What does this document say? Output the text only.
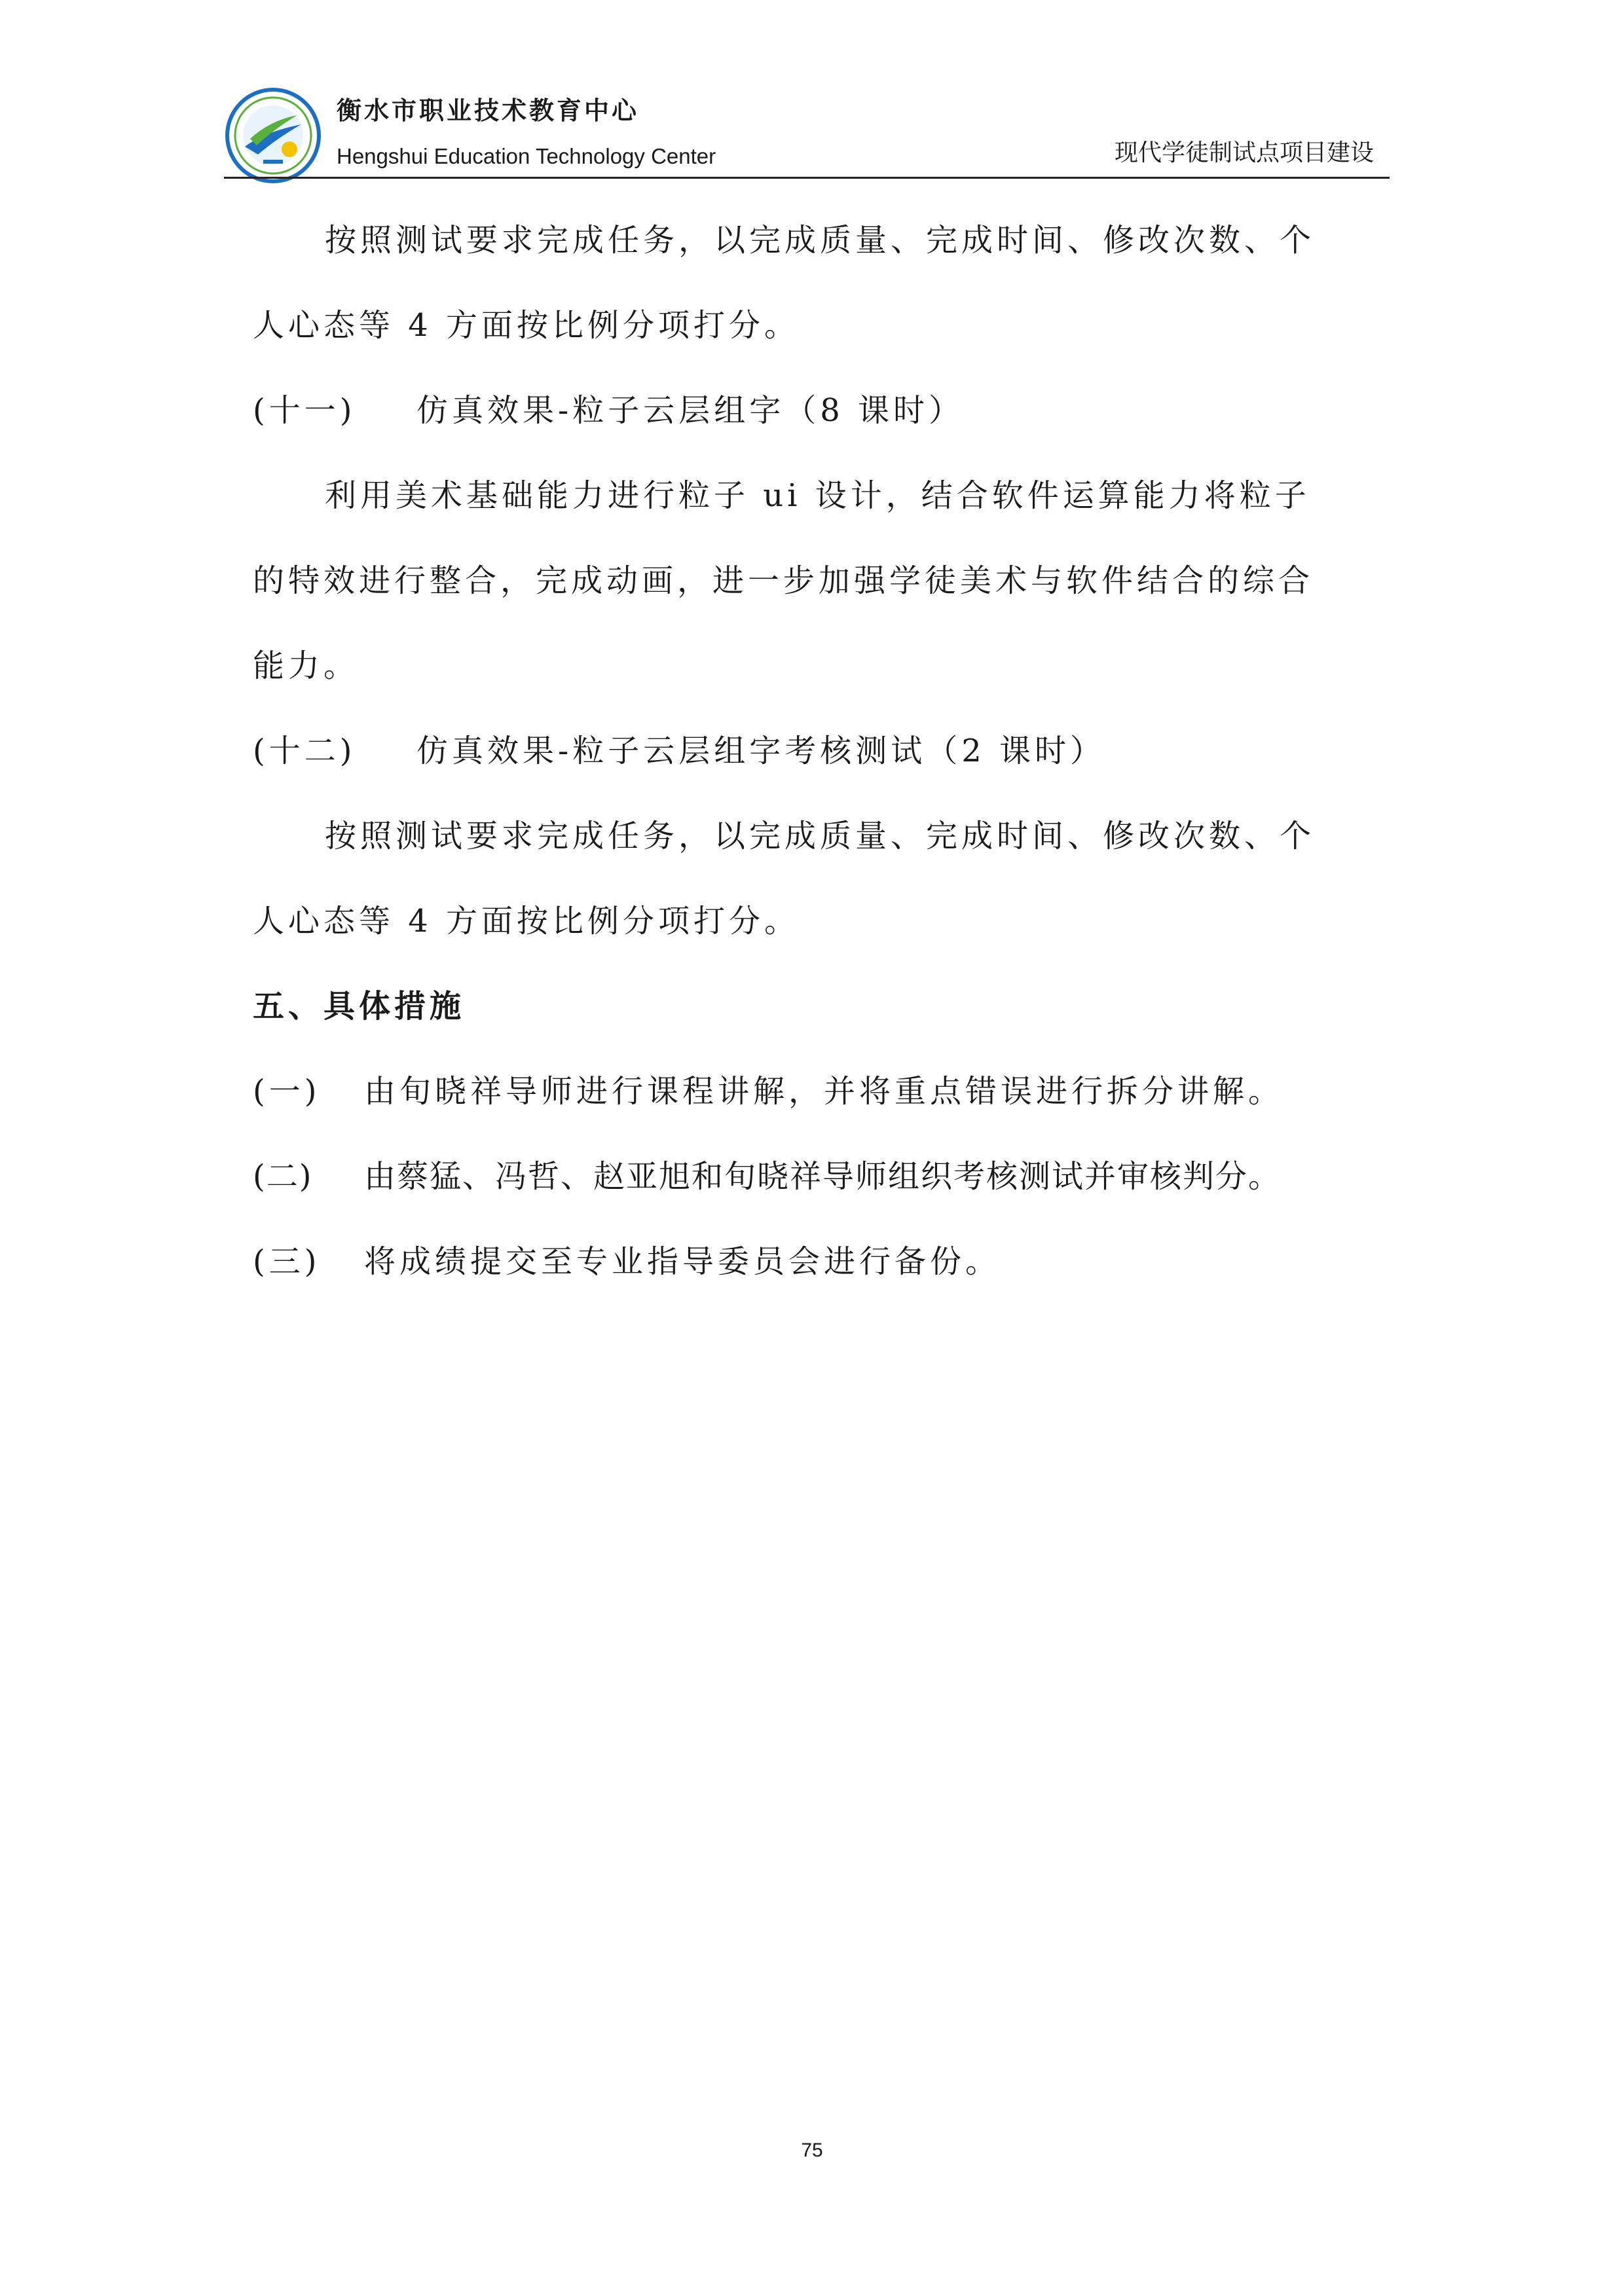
衡水市职业技术教育中心
Hengshui Education Technology Center	现代学徒制试点项目建设
按照测试要求完成任务，以完成质量、完成时间、修改次数、个
人心态等 4 方面按比例分项打分。
(十一) 仿真效果-粒子云层组字（8 课时）
利用美术基础能力进行粒子 ui 设计，结合软件运算能力将粒子
的特效进行整合，完成动画，进一步加强学徒美术与软件结合的综合
能力。
(十二) 仿真效果-粒子云层组字考核测试（2 课时）
按照测试要求完成任务，以完成质量、完成时间、修改次数、个
人心态等 4 方面按比例分项打分。
五、具体措施
(一) 由旬晓祥导师进行课程讲解，并将重点错误进行拆分讲解。
(二) 由蔡猛、冯哲、赵亚旭和旬晓祥导师组织考核测试并审核判分。
(三) 将成绩提交至专业指导委员会进行备份。
75
